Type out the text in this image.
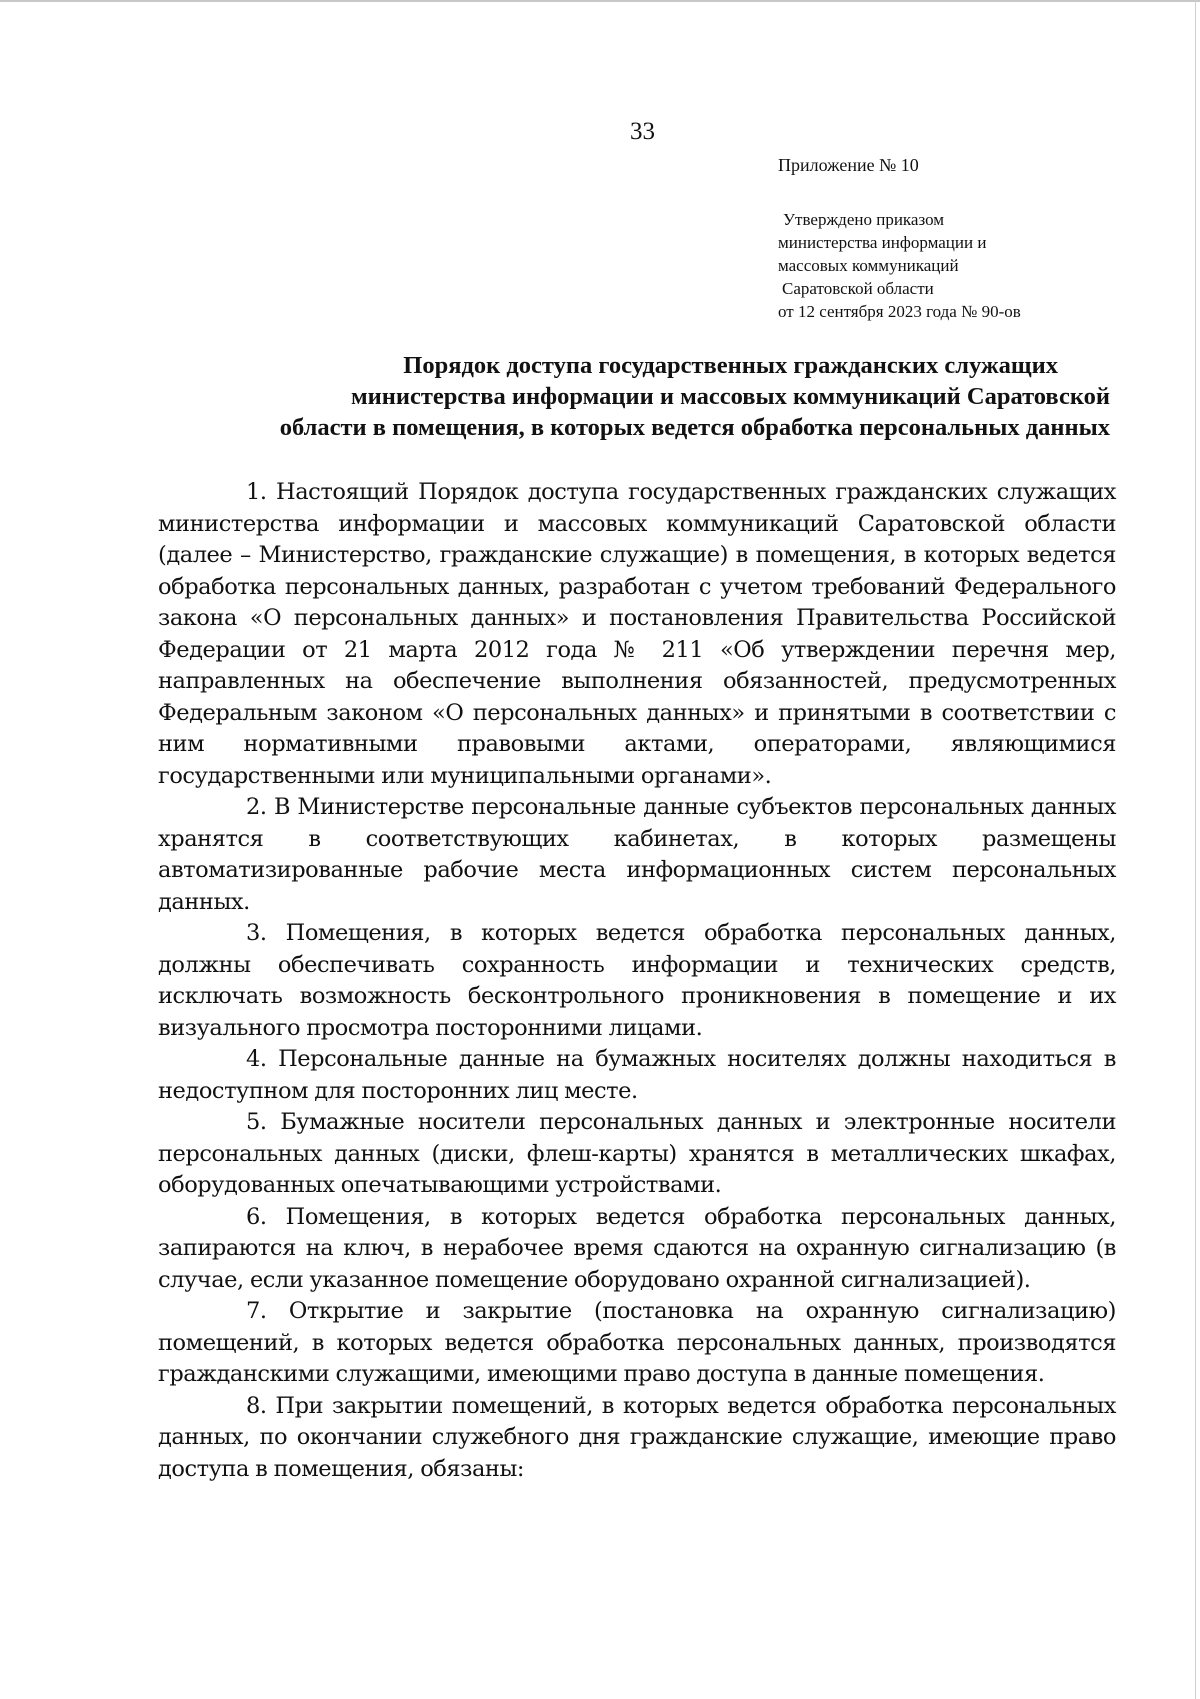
33
Приложение № 10
Утверждено приказом
министерства информации и
массовых коммуникаций
Саратовской области
от 12 сентября 2023 года № 90-ов
Порядок доступа государственных гражданских служащих
министерства информации и массовых коммуникаций Саратовской
области в помещения, в которых ведется обработка персональных данных

1. Настоящий Порядок доступа государственных гражданских служащих министерства информации и массовых коммуникаций Саратовской области (далее – Министерство, гражданские служащие) в помещения, в которых ведется обработка персональных данных, разработан с учетом требований Федерального закона «О персональных данных» и постановления Правительства Российской Федерации от 21 марта 2012 года № 211 «Об утверждении перечня мер, направленных на обеспечение выполнения обязанностей, предусмотренных Федеральным законом «О персональных данных» и принятыми в соответствии с ним нормативными правовыми актами, операторами, являющимися государственными или муниципальными органами».

2. В Министерстве персональные данные субъектов персональных данных хранятся в соответствующих кабинетах, в которых размещены автоматизированные рабочие места информационных систем персональных данных.

3. Помещения, в которых ведется обработка персональных данных, должны обеспечивать сохранность информации и технических средств, исключать возможность бесконтрольного проникновения в помещение и их визуального просмотра посторонними лицами.

4. Персональные данные на бумажных носителях должны находиться в недоступном для посторонних лиц месте.

5. Бумажные носители персональных данных и электронные носители персональных данных (диски, флеш-карты) хранятся в металлических шкафах, оборудованных опечатывающими устройствами.

6. Помещения, в которых ведется обработка персональных данных, запираются на ключ, в нерабочее время сдаются на охранную сигнализацию (в случае, если указанное помещение оборудовано охранной сигнализацией).

7. Открытие и закрытие (постановка на охранную сигнализацию) помещений, в которых ведется обработка персональных данных, производятся гражданскими служащими, имеющими право доступа в данные помещения.

8. При закрытии помещений, в которых ведется обработка персональных данных, по окончании служебного дня гражданские служащие, имеющие право доступа в помещения, обязаны:
